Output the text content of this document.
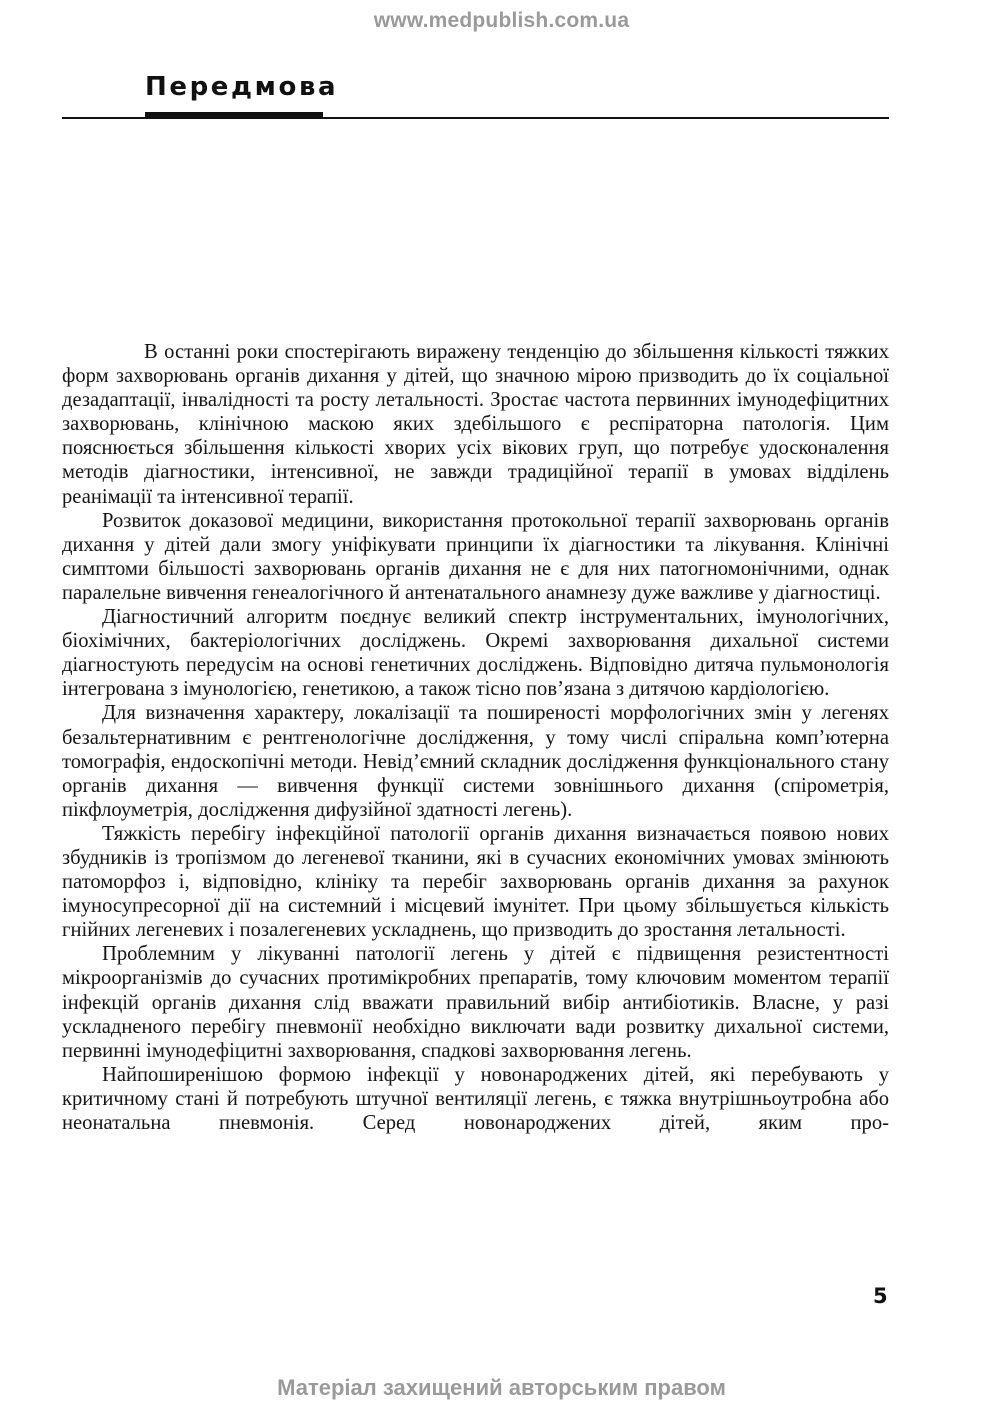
www.medpublish.com.ua
Передмова

В останні роки спостерігають виражену тенденцію до збільшення кількості тяжких форм захворювань органів дихання у дітей, що значною мірою призводить до їх соціальної дезадаптації, інвалідності та росту летальності. Зростає частота первинних імунодефіцитних захворювань, клінічною маскою яких здебільшого є респіраторна патологія. Цим пояснюється збільшення кількості хворих усіх вікових груп, що потребує удосконалення методів діагностики, інтенсивної, не завжди традиційної терапії в умовах відділень реанімації та інтенсивної терапії.

Розвиток доказової медицини, використання протокольної терапії захворювань органів дихання у дітей дали змогу уніфікувати принципи їх діагностики та лікування. Клінічні симптоми більшості захворювань органів дихання не є для них патогномонічними, однак паралельне вивчення генеалогічного й антенатального анамнезу дуже важливе у діагностиці.

Діагностичний алгоритм поєднує великий спектр інструментальних, імунологічних, біохімічних, бактеріологічних досліджень. Окремі захворювання дихальної системи діагностують передусім на основі генетичних досліджень. Відповідно дитяча пульмонологія інтегрована з імунологією, генетикою, а також тісно пов’язана з дитячою кардіологією.

Для визначення характеру, локалізації та поширеності морфологічних змін у легенях безальтернативним є рентгенологічне дослідження, у тому числі спіральна комп’ютерна томографія, ендоскопічні методи. Невід’ємний складник дослідження функціонального стану органів дихання — вивчення функції системи зовнішнього дихання (спірометрія, пікфлоуметрія, дослідження дифузійної здатності легень).

Тяжкість перебігу інфекційної патології органів дихання визначається появою нових збудників із тропізмом до легеневої тканини, які в сучасних економічних умовах змінюють патоморфоз і, відповідно, клініку та перебіг захворювань органів дихання за рахунок імуносупресорної дії на системний і місцевий імунітет. При цьому збільшується кількість гнійних легеневих і позалегеневих ускладнень, що призводить до зростання летальності.

Проблемним у лікуванні патології легень у дітей є підвищення резистентності мікроорганізмів до сучасних протимікробних препаратів, тому ключовим моментом терапії інфекцій органів дихання слід вважати правильний вибір антибіотиків. Власне, у разі ускладненого перебігу пневмонії необхідно виключати вади розвитку дихальної системи, первинні імунодефіцитні захворювання, спадкові захворювання легень.

Найпоширенішою формою інфекції у новонароджених дітей, які перебувають у критичному стані й потребують штучної вентиляції легень, є тяжка внутрішньоутробна або неонатальна пневмонія. Серед новонароджених дітей, яким про-

5
Матеріал захищений авторським правом
